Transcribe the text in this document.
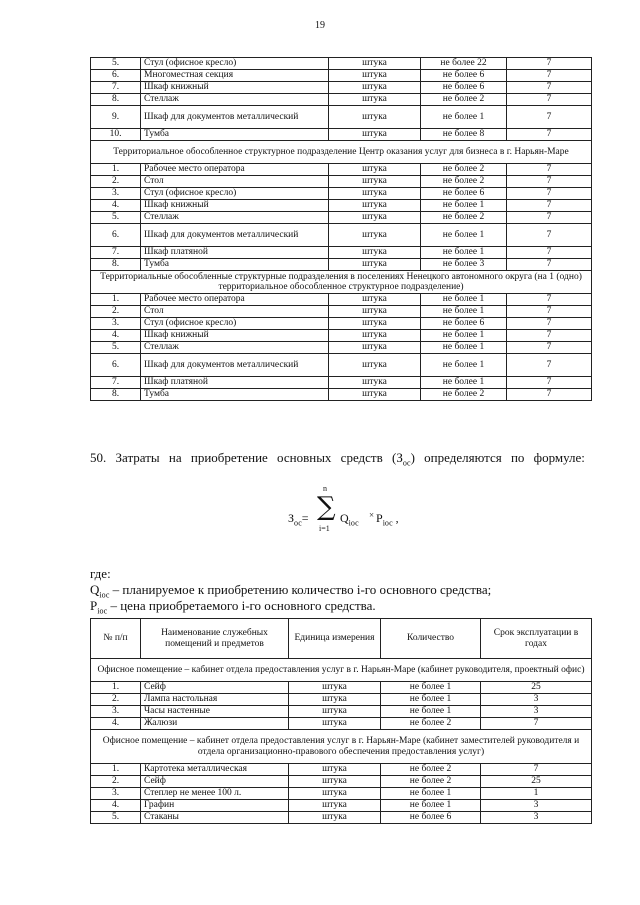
19
5.	Стул (офисное кресло)	штука	не более 22	7
6.	Многоместная секция	штука	не более 6	7
7.	Шкаф книжный	штука	не более 6	7
8.	Стеллаж	штука	не более 2	7
9.	Шкаф для документов металлический	штука	не более 1	7
10.	Тумба	штука	не более 8	7
Территориальное обособленное структурное подразделение Центр оказания услуг для бизнеса в г. Нарьян-Маре				
1.	Рабочее место оператора	штука	не более 2	7
2.	Стол	штука	не более 2	7
3.	Стул (офисное кресло)	штука	не более 6	7
4.	Шкаф книжный	штука	не более 1	7
5.	Стеллаж	штука	не более 2	7
6.	Шкаф для документов металлический	штука	не более 1	7
7.	Шкаф платяной	штука	не более 1	7
8.	Тумба	штука	не более 3	7
Территориальные обособленные структурные подразделения в поселениях Ненецкого автономного округа (на 1 (одно) территориальное обособленное структурное подразделение)				
1.	Рабочее место оператора	штука	не более 1	7
2.	Стол	штука	не более 1	7
3.	Стул (офисное кресло)	штука	не более 6	7
4.	Шкаф книжный	штука	не более 1	7
5.	Стеллаж	штука	не более 1	7
6.	Шкаф для документов металлический	штука	не более 1	7
7.	Шкаф платяной	штука	не более 1	7
8.	Тумба	штука	не более 2	7
50. Затраты на приобретение основных средств $(З_{ос})$ определяются по формуле:
$З_{ос}=$
n
∑
i=1
$Q_{iос}$
× $P_{iос}$ ,
где:
$Q_{iос}$ – планируемое к приобретению количество i-го основного средства;
$P_{iос}$ – цена приобретаемого i-го основного средства.
№ п/п	Наименование служебных помещений и предметов	Единица измерения	Количество	Срок эксплуатации в годах
Офисное помещение – кабинет отдела предоставления услуг в г. Нарьян-Маре (кабинет руководителя, проектный офис)				
1.	Сейф	штука	не более 1	25
2.	Лампа настольная	штука	не более 1	3
3.	Часы настенные	штука	не более 1	3
4.	Жалюзи	штука	не более 2	7
Офисное помещение – кабинет отдела предоставления услуг в г. Нарьян-Маре (кабинет заместителей руководителя и отдела организационно-правового обеспечения предоставления услуг)				
1.	Картотека металлическая	штука	не более 2	7
2.	Сейф	штука	не более 2	25
3.	Степлер не менее 100 л.	штука	не более 1	1
4.	Графин	штука	не более 1	3
5.	Стаканы	штука	не более 6	3
